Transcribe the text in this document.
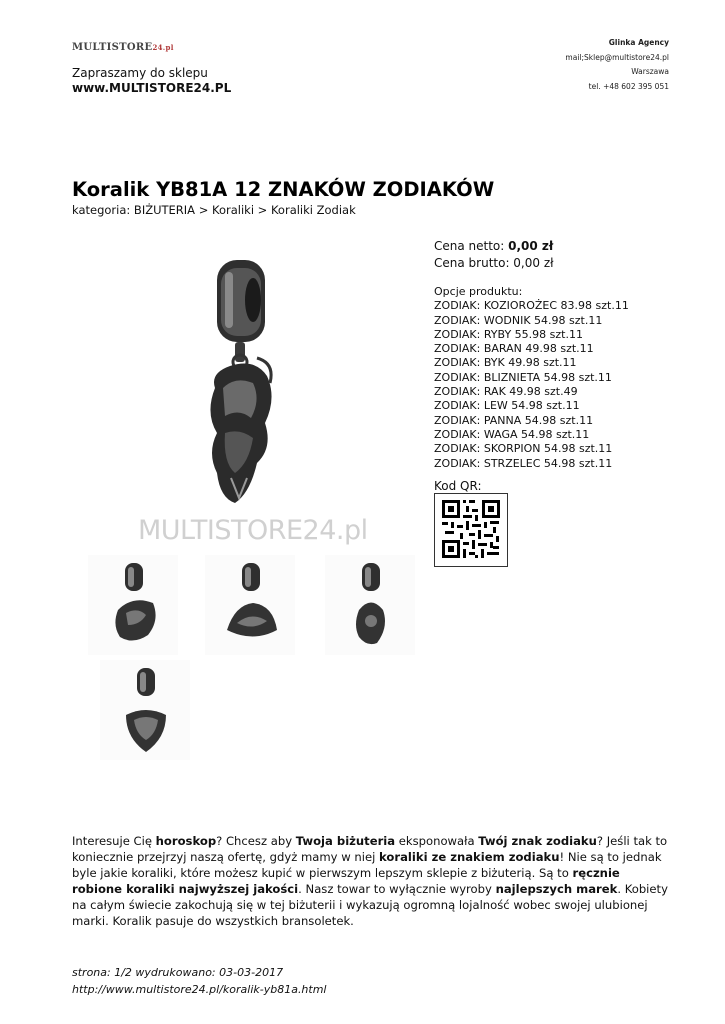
MULTISTORE24.pl
Zapraszamy do sklepu
www.MULTISTORE24.PL
Glinka Agency
mail;Sklep@multistore24.pl
Warszawa
tel. +48 602 395 051
Koralik YB81A 12 ZNAKÓW ZODIAKÓW
kategoria: BIŻUTERIA > Koraliki > Koraliki Zodiak
MULTISTORE24.pl
Cena netto: 0,00 zł
Cena brutto: 0,00 zł
Opcje produktu:
ZODIAK: KOZIOROŻEC 83.98 szt.11
ZODIAK: WODNIK 54.98 szt.11
ZODIAK: RYBY 55.98 szt.11
ZODIAK: BARAN 49.98 szt.11
ZODIAK: BYK 49.98 szt.11
ZODIAK: BLIZNIETA 54.98 szt.11
ZODIAK: RAK 49.98 szt.49
ZODIAK: LEW 54.98 szt.11
ZODIAK: PANNA 54.98 szt.11
ZODIAK: WAGA 54.98 szt.11
ZODIAK: SKORPION 54.98 szt.11
ZODIAK: STRZELEC 54.98 szt.11
Kod QR:
Interesuje Cię horoskop? Chcesz aby Twoja biżuteria eksponowała Twój znak zodiaku? Jeśli tak to koniecznie przejrzyj naszą ofertę, gdyż mamy w niej koraliki ze znakiem zodiaku! Nie są to jednak byle jakie koraliki, które możesz kupić w pierwszym lepszym sklepie z biżuterią. Są to ręcznie robione koraliki najwyższej jakości. Nasz towar to wyłącznie wyroby najlepszych marek. Kobiety na całym świecie zakochują się w tej biżuterii i wykazują ogromną lojalność wobec swojej ulubionej marki. Koralik pasuje do wszystkich bransoletek.
strona: 1/2 wydrukowano: 03-03-2017
http://www.multistore24.pl/koralik-yb81a.html
